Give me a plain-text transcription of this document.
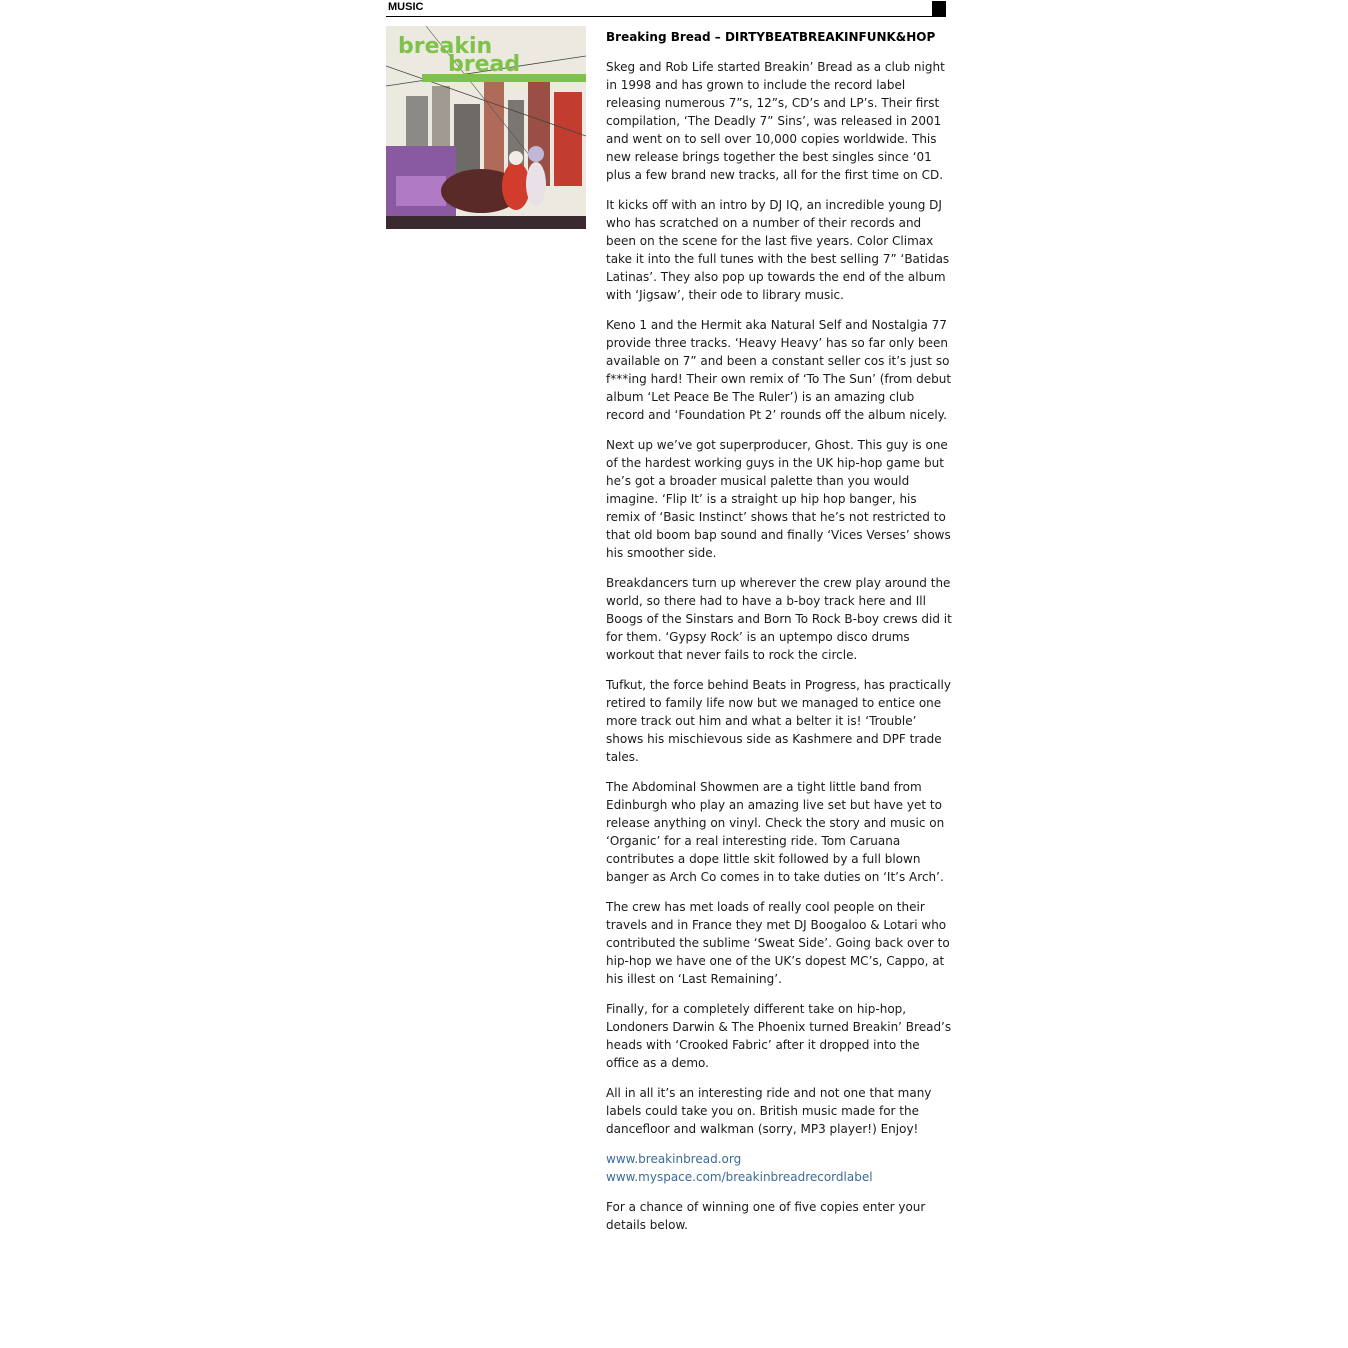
MUSIC
breakin
bread
Breaking Bread – DIRTYBEATBREAKINFUNK&HOP

Skeg and Rob Life started Breakin’ Bread as a club night in 1998 and has grown to include the record label releasing numerous 7”s, 12”s, CD’s and LP’s. Their first compilation, ‘The Deadly 7” Sins’, was released in 2001 and went on to sell over 10,000 copies worldwide. This new release brings together the best singles since ‘01 plus a few brand new tracks, all for the first time on CD.

It kicks off with an intro by DJ IQ, an incredible young DJ who has scratched on a number of their records and been on the scene for the last five years. Color Climax take it into the full tunes with the best selling 7” ‘Batidas Latinas’. They also pop up towards the end of the album with ‘Jigsaw’, their ode to library music.

Keno 1 and the Hermit aka Natural Self and Nostalgia 77 provide three tracks. ‘Heavy Heavy’ has so far only been available on 7” and been a constant seller cos it’s just so f***ing hard! Their own remix of ‘To The Sun’ (from debut album ‘Let Peace Be The Ruler’) is an amazing club record and ‘Foundation Pt 2’ rounds off the album nicely.

Next up we’ve got superproducer, Ghost. This guy is one of the hardest working guys in the UK hip-hop game but he’s got a broader musical palette than you would imagine. ‘Flip It’ is a straight up hip hop banger, his remix of ‘Basic Instinct’ shows that he’s not restricted to that old boom bap sound and finally ‘Vices Verses’ shows his smoother side.

Breakdancers turn up wherever the crew play around the world, so there had to have a b-boy track here and Ill Boogs of the Sinstars and Born To Rock B-boy crews did it for them. ‘Gypsy Rock’ is an uptempo disco drums workout that never fails to rock the circle.

Tufkut, the force behind Beats in Progress, has practically retired to family life now but we managed to entice one more track out him and what a belter it is! ‘Trouble’ shows his mischievous side as Kashmere and DPF trade tales.

The Abdominal Showmen are a tight little band from Edinburgh who play an amazing live set but have yet to release anything on vinyl. Check the story and music on ‘Organic’ for a real interesting ride. Tom Caruana contributes a dope little skit followed by a full blown banger as Arch Co comes in to take duties on ‘It’s Arch’.

The crew has met loads of really cool people on their travels and in France they met DJ Boogaloo & Lotari who contributed the sublime ‘Sweat Side’. Going back over to hip-hop we have one of the UK’s dopest MC’s, Cappo, at his illest on ‘Last Remaining’.

Finally, for a completely different take on hip-hop, Londoners Darwin & The Phoenix turned Breakin’ Bread’s heads with ‘Crooked Fabric’ after it dropped into the office as a demo.

All in all it’s an interesting ride and not one that many labels could take you on. British music made for the dancefloor and walkman (sorry, MP3 player!) Enjoy!

www.breakinbread.org
www.myspace.com/breakinbreadrecordlabel

For a chance of winning one of five copies enter your details below.
